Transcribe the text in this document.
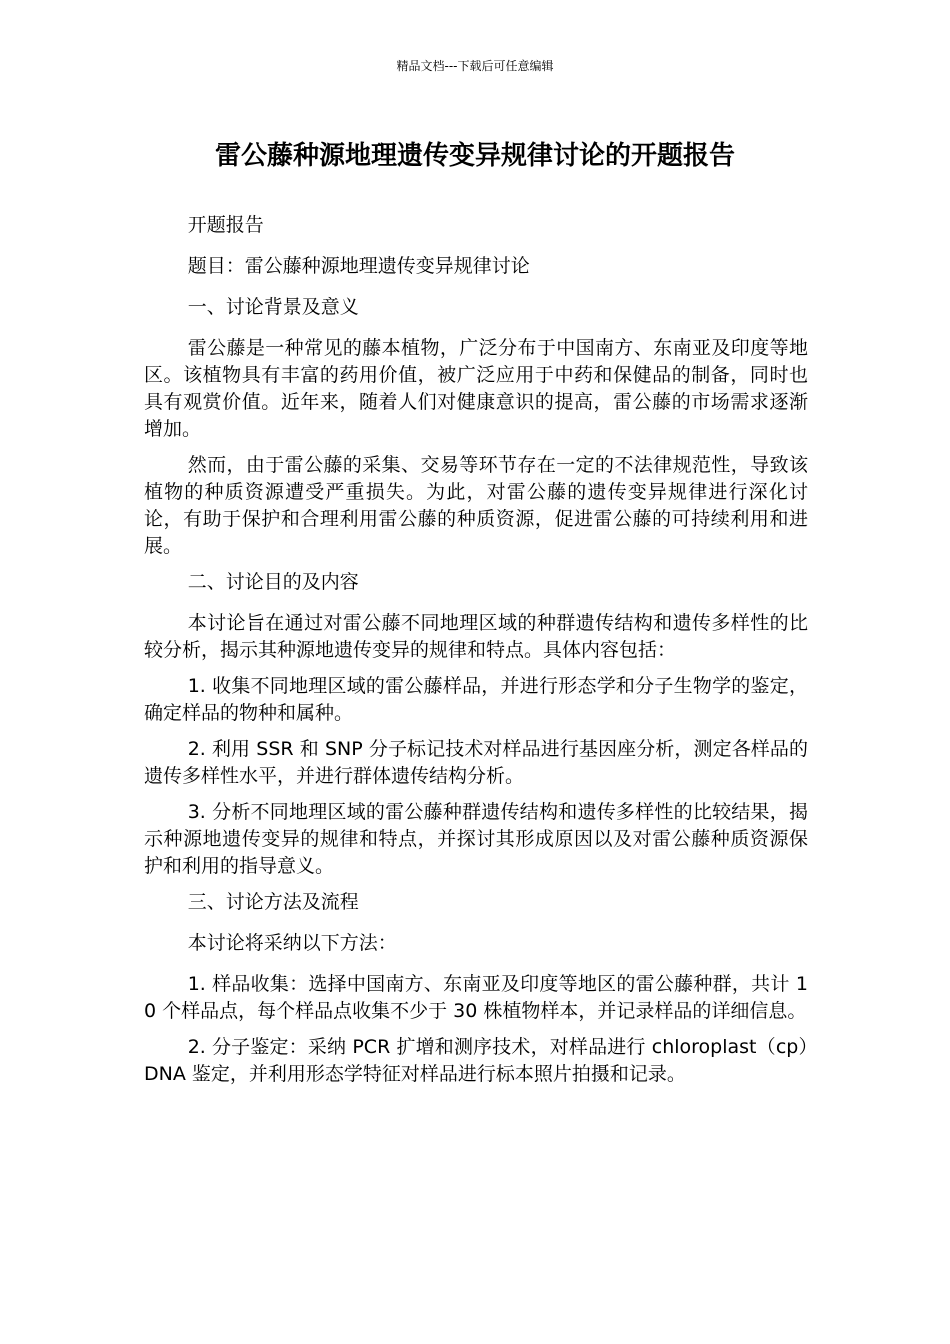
精品文档---下载后可任意编辑
雷公藤种源地理遗传变异规律讨论的开题报告

开题报告

题目：雷公藤种源地理遗传变异规律讨论

一、讨论背景及意义

雷公藤是一种常见的藤本植物，广泛分布于中国南方、东南亚及印度等地区。该植物具有丰富的药用价值，被广泛应用于中药和保健品的制备，同时也具有观赏价值。近年来，随着人们对健康意识的提高，雷公藤的市场需求逐渐增加。

然而，由于雷公藤的采集、交易等环节存在一定的不法律规范性，导致该植物的种质资源遭受严重损失。为此，对雷公藤的遗传变异规律进行深化讨论，有助于保护和合理利用雷公藤的种质资源，促进雷公藤的可持续利用和进展。

二、讨论目的及内容

本讨论旨在通过对雷公藤不同地理区域的种群遗传结构和遗传多样性的比较分析，揭示其种源地遗传变异的规律和特点。具体内容包括：

1. 收集不同地理区域的雷公藤样品，并进行形态学和分子生物学的鉴定，确定样品的物种和属种。

2. 利用 SSR 和 SNP 分子标记技术对样品进行基因座分析，测定各样品的遗传多样性水平，并进行群体遗传结构分析。

3. 分析不同地理区域的雷公藤种群遗传结构和遗传多样性的比较结果，揭示种源地遗传变异的规律和特点，并探讨其形成原因以及对雷公藤种质资源保护和利用的指导意义。

三、讨论方法及流程

本讨论将采纳以下方法：

1. 样品收集：选择中国南方、东南亚及印度等地区的雷公藤种群，共计 10 个样品点，每个样品点收集不少于 30 株植物样本，并记录样品的详细信息。

2. 分子鉴定：采纳 PCR 扩增和测序技术，对样品进行 chloroplast（cp）DNA 鉴定，并利用形态学特征对样品进行标本照片拍摄和记录。
